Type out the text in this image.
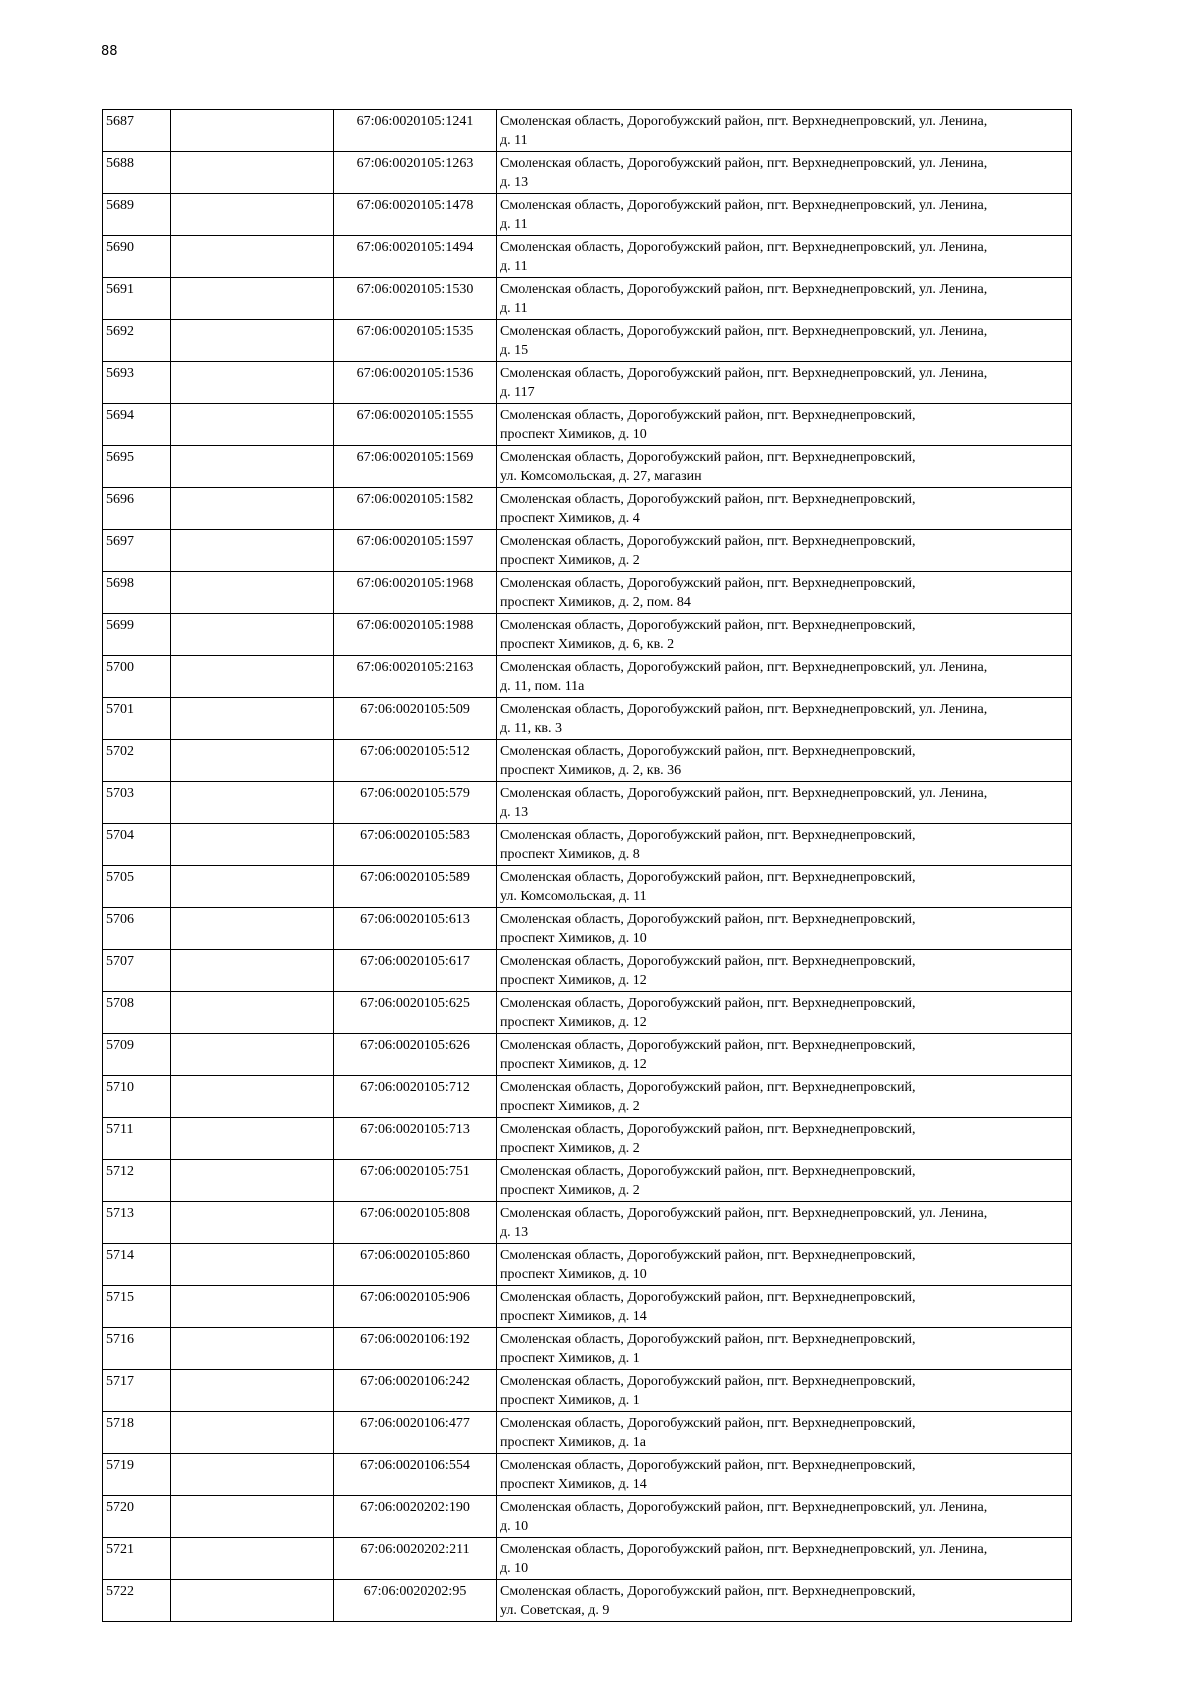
88
5687		67:06:0020105:1241	Смоленская область, Дорогобужский район, пгт. Верхнеднепровский, ул. Ленина,
д. 11
5688		67:06:0020105:1263	Смоленская область, Дорогобужский район, пгт. Верхнеднепровский, ул. Ленина,
д. 13
5689		67:06:0020105:1478	Смоленская область, Дорогобужский район, пгт. Верхнеднепровский, ул. Ленина,
д. 11
5690		67:06:0020105:1494	Смоленская область, Дорогобужский район, пгт. Верхнеднепровский, ул. Ленина,
д. 11
5691		67:06:0020105:1530	Смоленская область, Дорогобужский район, пгт. Верхнеднепровский, ул. Ленина,
д. 11
5692		67:06:0020105:1535	Смоленская область, Дорогобужский район, пгт. Верхнеднепровский, ул. Ленина,
д. 15
5693		67:06:0020105:1536	Смоленская область, Дорогобужский район, пгт. Верхнеднепровский, ул. Ленина,
д. 117
5694		67:06:0020105:1555	Смоленская область, Дорогобужский район, пгт. Верхнеднепровский,
проспект Химиков, д. 10
5695		67:06:0020105:1569	Смоленская область, Дорогобужский район, пгт. Верхнеднепровский,
ул. Комсомольская, д. 27, магазин
5696		67:06:0020105:1582	Смоленская область, Дорогобужский район, пгт. Верхнеднепровский,
проспект Химиков, д. 4
5697		67:06:0020105:1597	Смоленская область, Дорогобужский район, пгт. Верхнеднепровский,
проспект Химиков, д. 2
5698		67:06:0020105:1968	Смоленская область, Дорогобужский район, пгт. Верхнеднепровский,
проспект Химиков, д. 2, пом. 84
5699		67:06:0020105:1988	Смоленская область, Дорогобужский район, пгт. Верхнеднепровский,
проспект Химиков, д. 6, кв. 2
5700		67:06:0020105:2163	Смоленская область, Дорогобужский район, пгт. Верхнеднепровский, ул. Ленина,
д. 11, пом. 11а
5701		67:06:0020105:509	Смоленская область, Дорогобужский район, пгт. Верхнеднепровский, ул. Ленина,
д. 11, кв. 3
5702		67:06:0020105:512	Смоленская область, Дорогобужский район, пгт. Верхнеднепровский,
проспект Химиков, д. 2, кв. 36
5703		67:06:0020105:579	Смоленская область, Дорогобужский район, пгт. Верхнеднепровский, ул. Ленина,
д. 13
5704		67:06:0020105:583	Смоленская область, Дорогобужский район, пгт. Верхнеднепровский,
проспект Химиков, д. 8
5705		67:06:0020105:589	Смоленская область, Дорогобужский район, пгт. Верхнеднепровский,
ул. Комсомольская, д. 11
5706		67:06:0020105:613	Смоленская область, Дорогобужский район, пгт. Верхнеднепровский,
проспект Химиков, д. 10
5707		67:06:0020105:617	Смоленская область, Дорогобужский район, пгт. Верхнеднепровский,
проспект Химиков, д. 12
5708		67:06:0020105:625	Смоленская область, Дорогобужский район, пгт. Верхнеднепровский,
проспект Химиков, д. 12
5709		67:06:0020105:626	Смоленская область, Дорогобужский район, пгт. Верхнеднепровский,
проспект Химиков, д. 12
5710		67:06:0020105:712	Смоленская область, Дорогобужский район, пгт. Верхнеднепровский,
проспект Химиков, д. 2
5711		67:06:0020105:713	Смоленская область, Дорогобужский район, пгт. Верхнеднепровский,
проспект Химиков, д. 2
5712		67:06:0020105:751	Смоленская область, Дорогобужский район, пгт. Верхнеднепровский,
проспект Химиков, д. 2
5713		67:06:0020105:808	Смоленская область, Дорогобужский район, пгт. Верхнеднепровский, ул. Ленина,
д. 13
5714		67:06:0020105:860	Смоленская область, Дорогобужский район, пгт. Верхнеднепровский,
проспект Химиков, д. 10
5715		67:06:0020105:906	Смоленская область, Дорогобужский район, пгт. Верхнеднепровский,
проспект Химиков, д. 14
5716		67:06:0020106:192	Смоленская область, Дорогобужский район, пгт. Верхнеднепровский,
проспект Химиков, д. 1
5717		67:06:0020106:242	Смоленская область, Дорогобужский район, пгт. Верхнеднепровский,
проспект Химиков, д. 1
5718		67:06:0020106:477	Смоленская область, Дорогобужский район, пгт. Верхнеднепровский,
проспект Химиков, д. 1а
5719		67:06:0020106:554	Смоленская область, Дорогобужский район, пгт. Верхнеднепровский,
проспект Химиков, д. 14
5720		67:06:0020202:190	Смоленская область, Дорогобужский район, пгт. Верхнеднепровский, ул. Ленина,
д. 10
5721		67:06:0020202:211	Смоленская область, Дорогобужский район, пгт. Верхнеднепровский, ул. Ленина,
д. 10
5722		67:06:0020202:95	Смоленская область, Дорогобужский район, пгт. Верхнеднепровский,
ул. Советская, д. 9
